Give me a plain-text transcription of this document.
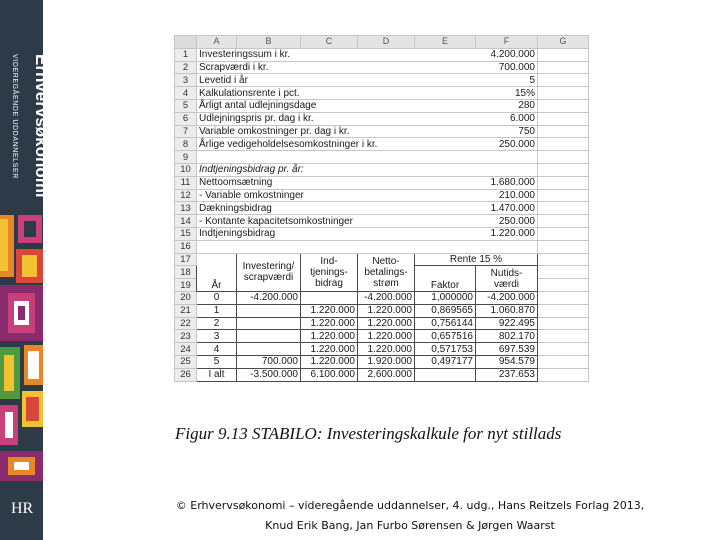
Erhvervsøkonomi
VIDEREGÅENDE UDDANNELSER
HR
	A	B	C	D	E	F	G
1	Investeringssum i kr.					4.200.000	
2	Scrapværdi i kr.					700.000	
3	Levetid i år					5	
4	Kalkulationsrente i pct.					15%	
5	Årligt antal udlejningsdage					280	
6	Udlejningspris pr. dag i kr.					6.000	
7	Variable omkostninger pr. dag i kr.					750	
8	Årlige vedigeholdelsesomkostninger i kr.					250.000	
9							
10	Indtjeningsbidrag pr. år:						
11	Nettoomsætning					1.680.000	
12	- Variable omkostninger					210.000	
13	Dækningsbidrag					1.470.000	
14	- Kontante kapacitetsomkostninger					250.000	
15	Indtjeningsbidrag					1.220.000	
16							
17	År	Investering/ scrapværdi	Ind- tjenings- bidrag	Netto- betalings- strøm	Rente 15 %		
18					Faktor	Nutids- værdi	
19							
20	0	-4.200.000		-4.200.000	1,000000	-4.200.000	
21	1		1.220.000	1.220.000	0,869565	1.060.870	
22	2		1.220.000	1.220.000	0,756144	922.495	
23	3		1.220.000	1.220.000	0,657516	802.170	
24	4		1.220.000	1.220.000	0,571753	697.539	
25	5	700.000	1.220.000	1.920.000	0,497177	954.579	
26	I alt	-3.500.000	6.100.000	2.600.000		237.653	
Figur 9.13 STABILO: Investeringskalkule for nyt stillads
© Erhvervsøkonomi – videregående uddannelser, 4. udg., Hans Reitzels Forlag 2013,
Knud Erik Bang, Jan Furbo Sørensen & Jørgen Waarst
